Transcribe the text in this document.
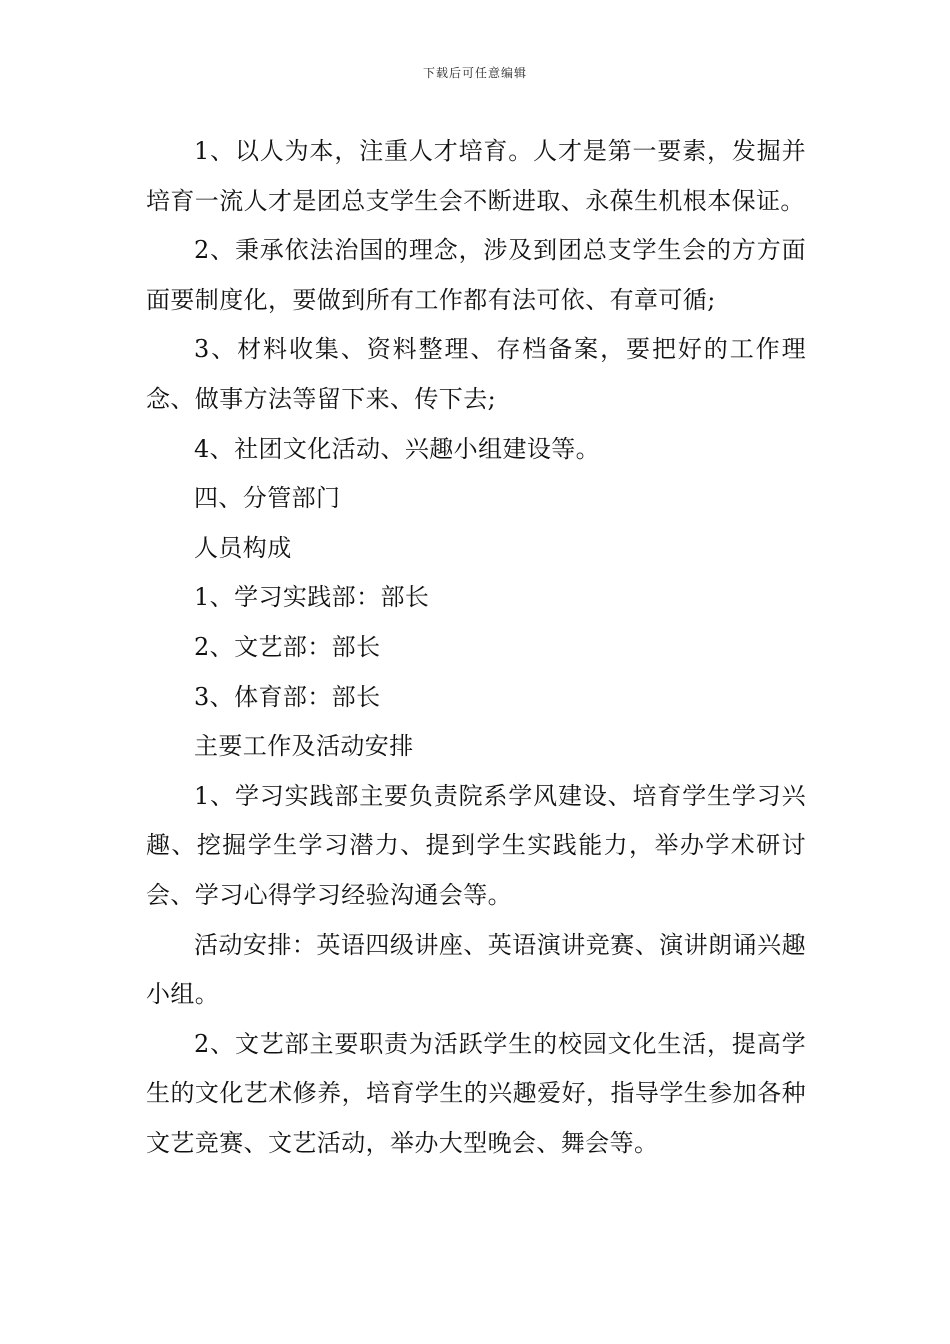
下载后可任意编辑

1、以人为本，注重人才培育。人才是第一要素，发掘并培育一流人才是团总支学生会不断进取、永葆生机根本保证。

2、秉承依法治国的理念，涉及到团总支学生会的方方面面要制度化，要做到所有工作都有法可依、有章可循;

3、材料收集、资料整理、存档备案，要把好的工作理念、做事方法等留下来、传下去;

4、社团文化活动、兴趣小组建设等。

四、分管部门

人员构成

1、学习实践部：部长

2、文艺部：部长

3、体育部：部长

主要工作及活动安排

1、学习实践部主要负责院系学风建设、培育学生学习兴趣、挖掘学生学习潜力、提到学生实践能力，举办学术研讨会、学习心得学习经验沟通会等。

活动安排：英语四级讲座、英语演讲竞赛、演讲朗诵兴趣小组。

2、文艺部主要职责为活跃学生的校园文化生活，提高学生的文化艺术修养，培育学生的兴趣爱好，指导学生参加各种文艺竞赛、文艺活动，举办大型晚会、舞会等。
